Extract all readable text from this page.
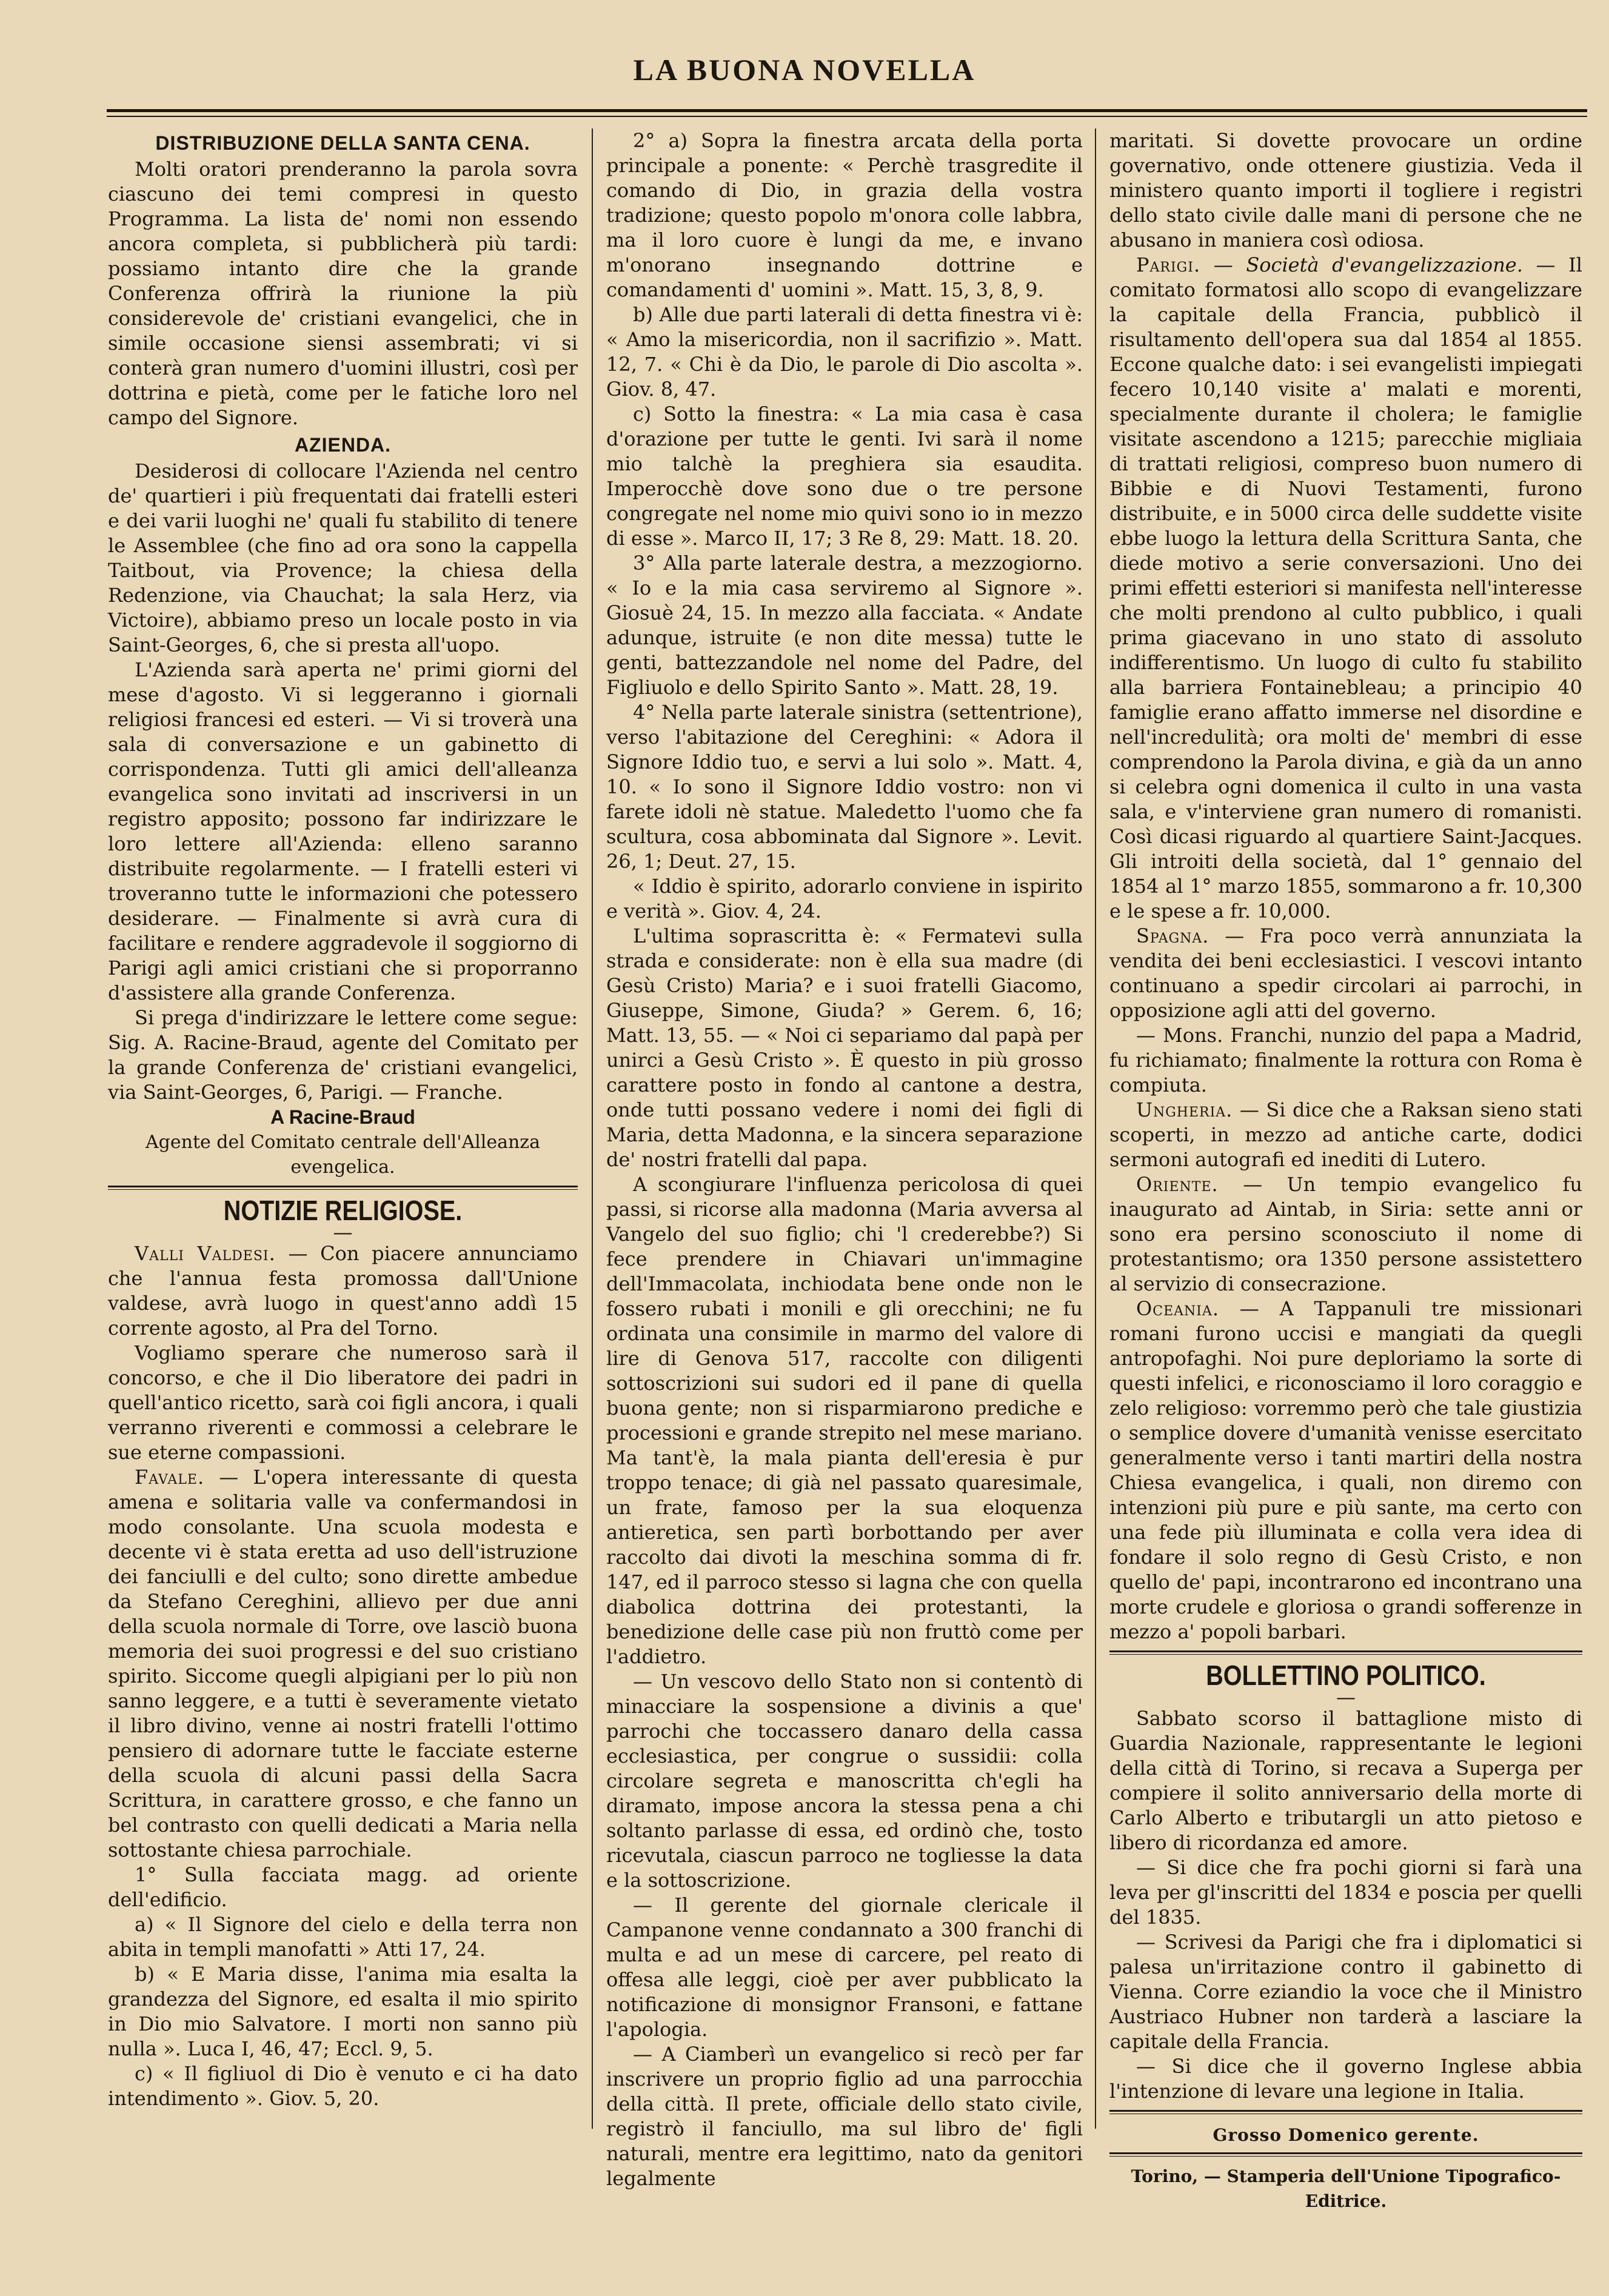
LA BUONA NOVELLA
DISTRIBUZIONE DELLA SANTA CENA.

Molti oratori prenderanno la parola sovra ciascuno dei temi compresi in questo Programma. La lista de' nomi non essendo ancora completa, si pubblicherà più tardi: possiamo intanto dire che la grande Conferenza offrirà la riunione la più considerevole de' cristiani evangelici, che in simile occasione siensi assembrati; vi si conterà gran numero d'uomini illustri, così per dottrina e pietà, come per le fatiche loro nel campo del Signore.

AZIENDA.

Desiderosi di collocare l'Azienda nel centro de' quartieri i più frequentati dai fratelli esteri e dei varii luoghi ne' quali fu stabilito di tenere le Assemblee (che fino ad ora sono la cappella Taitbout, via Provence; la chiesa della Redenzione, via Chauchat; la sala Herz, via Victoire), abbiamo preso un locale posto in via Saint-Georges, 6, che si presta all'uopo.

L'Azienda sarà aperta ne' primi giorni del mese d'agosto. Vi si leggeranno i giornali religiosi francesi ed esteri. — Vi si troverà una sala di conversazione e un gabinetto di corrispondenza. Tutti gli amici dell'alleanza evangelica sono invitati ad inscriversi in un registro apposito; possono far indirizzare le loro lettere all'Azienda: elleno saranno distribuite regolarmente. — I fratelli esteri vi troveranno tutte le informazioni che potessero desiderare. — Finalmente si avrà cura di facilitare e rendere aggradevole il soggiorno di Parigi agli amici cristiani che si proporranno d'assistere alla grande Conferenza.

Si prega d'indirizzare le lettere come segue: Sig. A. Racine-Braud, agente del Comitato per la grande Conferenza de' cristiani evangelici, via Saint-Georges, 6, Parigi. — Franche.

A Racine-Braud
Agente del Comitato centrale dell'Alleanza evengelica.
NOTIZIE RELIGIOSE.
—

Valli Valdesi. — Con piacere annunciamo che l'annua festa promossa dall'Unione valdese, avrà luogo in quest'anno addì 15 corrente agosto, al Pra del Torno.

Vogliamo sperare che numeroso sarà il concorso, e che il Dio liberatore dei padri in quell'antico ricetto, sarà coi figli ancora, i quali verranno riverenti e commossi a celebrare le sue eterne compassioni.

Favale. — L'opera interessante di questa amena e solitaria valle va confermandosi in modo consolante. Una scuola modesta e decente vi è stata eretta ad uso dell'istruzione dei fanciulli e del culto; sono dirette ambedue da Stefano Cereghini, allievo per due anni della scuola normale di Torre, ove lasciò buona memoria dei suoi progressi e del suo cristiano spirito. Siccome quegli alpigiani per lo più non sanno leggere, e a tutti è severamente vietato il libro divino, venne ai nostri fratelli l'ottimo pensiero di adornare tutte le facciate esterne della scuola di alcuni passi della Sacra Scrittura, in carattere grosso, e che fanno un bel contrasto con quelli dedicati a Maria nella sottostante chiesa parrochiale.

1° Sulla facciata magg. ad oriente dell'edificio.

a) « Il Signore del cielo e della terra non abita in templi manofatti » Atti 17, 24.

b) « E Maria disse, l'anima mia esalta la grandezza del Signore, ed esalta il mio spirito in Dio mio Salvatore. I morti non sanno più nulla ». Luca I, 46, 47; Eccl. 9, 5.

c) « Il figliuol di Dio è venuto e ci ha dato intendimento ». Giov. 5, 20.

2° a) Sopra la finestra arcata della porta principale a ponente: « Perchè trasgredite il comando di Dio, in grazia della vostra tradizione; questo popolo m'onora colle labbra, ma il loro cuore è lungi da me, e invano m'onorano insegnando dottrine e comandamenti d' uomini ». Matt. 15, 3, 8, 9.

b) Alle due parti laterali di detta finestra vi è: « Amo la misericordia, non il sacrifizio ». Matt. 12, 7. « Chi è da Dio, le parole di Dio ascolta ». Giov. 8, 47.

c) Sotto la finestra: « La mia casa è casa d'orazione per tutte le genti. Ivi sarà il nome mio talchè la preghiera sia esaudita. Imperocchè dove sono due o tre persone congregate nel nome mio quivi sono io in mezzo di esse ». Marco II, 17; 3 Re 8, 29: Matt. 18. 20.

3° Alla parte laterale destra, a mezzogiorno. « Io e la mia casa serviremo al Signore ». Giosuè 24, 15. In mezzo alla facciata. « Andate adunque, istruite (e non dite messa) tutte le genti, battezzandole nel nome del Padre, del Figliuolo e dello Spirito Santo ». Matt. 28, 19.

4° Nella parte laterale sinistra (settentrione), verso l'abitazione del Cereghini: « Adora il Signore Iddio tuo, e servi a lui solo ». Matt. 4, 10. « Io sono il Signore Iddio vostro: non vi farete idoli nè statue. Maledetto l'uomo che fa scultura, cosa abbominata dal Signore ». Levit. 26, 1; Deut. 27, 15.

« Iddio è spirito, adorarlo conviene in ispirito e verità ». Giov. 4, 24.

L'ultima soprascritta è: « Fermatevi sulla strada e considerate: non è ella sua madre (di Gesù Cristo) Maria? e i suoi fratelli Giacomo, Giuseppe, Simone, Giuda? » Gerem. 6, 16; Matt. 13, 55. — « Noi ci separiamo dal papà per unirci a Gesù Cristo ». È questo in più grosso carattere posto in fondo al cantone a destra, onde tutti possano vedere i nomi dei figli di Maria, detta Madonna, e la sincera separazione de' nostri fratelli dal papa.

A scongiurare l'influenza pericolosa di quei passi, si ricorse alla madonna (Maria avversa al Vangelo del suo figlio; chi 'l crederebbe?) Si fece prendere in Chiavari un'immagine dell'Immacolata, inchiodata bene onde non le fossero rubati i monili e gli orecchini; ne fu ordinata una consimile in marmo del valore di lire di Genova 517, raccolte con diligenti sottoscrizioni sui sudori ed il pane di quella buona gente; non si risparmiarono prediche e processioni e grande strepito nel mese mariano. Ma tant'è, la mala pianta dell'eresia è pur troppo tenace; di già nel passato quaresimale, un frate, famoso per la sua eloquenza antieretica, sen partì borbottando per aver raccolto dai divoti la meschina somma di fr. 147, ed il parroco stesso si lagna che con quella diabolica dottrina dei protestanti, la benedizione delle case più non fruttò come per l'addietro.

— Un vescovo dello Stato non si contentò di minacciare la sospensione a divinis a que' parrochi che toccassero danaro della cassa ecclesiastica, per congrue o sussidii: colla circolare segreta e manoscritta ch'egli ha diramato, impose ancora la stessa pena a chi soltanto parlasse di essa, ed ordinò che, tosto ricevutala, ciascun parroco ne togliesse la data e la sottoscrizione.

— Il gerente del giornale clericale il Campanone venne condannato a 300 franchi di multa e ad un mese di carcere, pel reato di offesa alle leggi, cioè per aver pubblicato la notificazione di monsignor Fransoni, e fattane l'apologia.

— A Ciamberì un evangelico si recò per far inscrivere un proprio figlio ad una parrocchia della città. Il prete, officiale dello stato civile, registrò il fanciullo, ma sul libro de' figli naturali, mentre era legittimo, nato da genitori legalmente

maritati. Si dovette provocare un ordine governativo, onde ottenere giustizia. Veda il ministero quanto importi il togliere i registri dello stato civile dalle mani di persone che ne abusano in maniera così odiosa.

Parigi. — Società d'evangelizzazione. — Il comitato formatosi allo scopo di evangelizzare la capitale della Francia, pubblicò il risultamento dell'opera sua dal 1854 al 1855. Eccone qualche dato: i sei evangelisti impiegati fecero 10,140 visite a' malati e morenti, specialmente durante il cholera; le famiglie visitate ascendono a 1215; parecchie migliaia di trattati religiosi, compreso buon numero di Bibbie e di Nuovi Testamenti, furono distribuite, e in 5000 circa delle suddette visite ebbe luogo la lettura della Scrittura Santa, che diede motivo a serie conversazioni. Uno dei primi effetti esteriori si manifesta nell'interesse che molti prendono al culto pubblico, i quali prima giacevano in uno stato di assoluto indifferentismo. Un luogo di culto fu stabilito alla barriera Fontainebleau; a principio 40 famiglie erano affatto immerse nel disordine e nell'incredulità; ora molti de' membri di esse comprendono la Parola divina, e già da un anno si celebra ogni domenica il culto in una vasta sala, e v'interviene gran numero di romanisti. Così dicasi riguardo al quartiere Saint-Jacques. Gli introiti della società, dal 1° gennaio del 1854 al 1° marzo 1855, sommarono a fr. 10,300 e le spese a fr. 10,000.

Spagna. — Fra poco verrà annunziata la vendita dei beni ecclesiastici. I vescovi intanto continuano a spedir circolari ai parrochi, in opposizione agli atti del governo.

— Mons. Franchi, nunzio del papa a Madrid, fu richiamato; finalmente la rottura con Roma è compiuta.

Ungheria. — Si dice che a Raksan sieno stati scoperti, in mezzo ad antiche carte, dodici sermoni autografi ed inediti di Lutero.

Oriente. — Un tempio evangelico fu inaugurato ad Aintab, in Siria: sette anni or sono era persino sconosciuto il nome di protestantismo; ora 1350 persone assistettero al servizio di consecrazione.

Oceania. — A Tappanuli tre missionari romani furono uccisi e mangiati da quegli antropofaghi. Noi pure deploriamo la sorte di questi infelici, e riconosciamo il loro coraggio e zelo religioso: vorremmo però che tale giustizia o semplice dovere d'umanità venisse esercitato generalmente verso i tanti martiri della nostra Chiesa evangelica, i quali, non diremo con intenzioni più pure e più sante, ma certo con una fede più illuminata e colla vera idea di fondare il solo regno di Gesù Cristo, e non quello de' papi, incontrarono ed incontrano una morte crudele e gloriosa o grandi sofferenze in mezzo a' popoli barbari.

BOLLETTINO POLITICO.
—

Sabbato scorso il battaglione misto di Guardia Nazionale, rappresentante le legioni della città di Torino, si recava a Superga per compiere il solito anniversario della morte di Carlo Alberto e tributargli un atto pietoso e libero di ricordanza ed amore.

— Si dice che fra pochi giorni si farà una leva per gl'inscritti del 1834 e poscia per quelli del 1835.

— Scrivesi da Parigi che fra i diplomatici si palesa un'irritazione contro il gabinetto di Vienna. Corre eziandio la voce che il Ministro Austriaco Hubner non tarderà a lasciare la capitale della Francia.

— Si dice che il governo Inglese abbia l'intenzione di levare una legione in Italia.

Grosso Domenico gerente.
Torino, — Stamperia dell'Unione Tipografico-Editrice.
